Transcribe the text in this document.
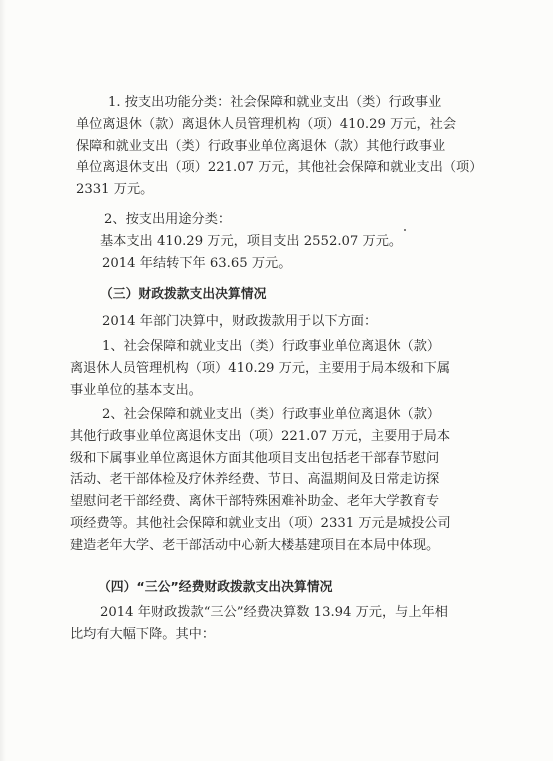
1. 按支出功能分类：社会保障和就业支出（类）行政事业
单位离退休（款）离退休人员管理机构（项）410.29 万元，社会
保障和就业支出（类）行政事业单位离退休（款）其他行政事业
单位离退休支出（项）221.07 万元，其他社会保障和就业支出（项）
2331 万元。
2、按支出用途分类：
基本支出 410.29 万元，项目支出 2552.07 万元。
2014 年结转下年 63.65 万元。
（三）财政拨款支出决算情况
2014 年部门决算中，财政拨款用于以下方面：
1、社会保障和就业支出（类）行政事业单位离退休（款）
离退休人员管理机构（项）410.29 万元，主要用于局本级和下属
事业单位的基本支出。
2、社会保障和就业支出（类）行政事业单位离退休（款）
其他行政事业单位离退休支出（项）221.07 万元，主要用于局本
级和下属事业单位离退休方面其他项目支出包括老干部春节慰问
活动、老干部体检及疗休养经费、节日、高温期间及日常走访探
望慰问老干部经费、离休干部特殊困难补助金、老年大学教育专
项经费等。其他社会保障和就业支出（项）2331 万元是城投公司
建造老年大学、老干部活动中心新大楼基建项目在本局中体现。
（四）“三公”经费财政拨款支出决算情况
2014 年财政拨款“三公”经费决算数 13.94 万元，与上年相
比均有大幅下降。其中：
